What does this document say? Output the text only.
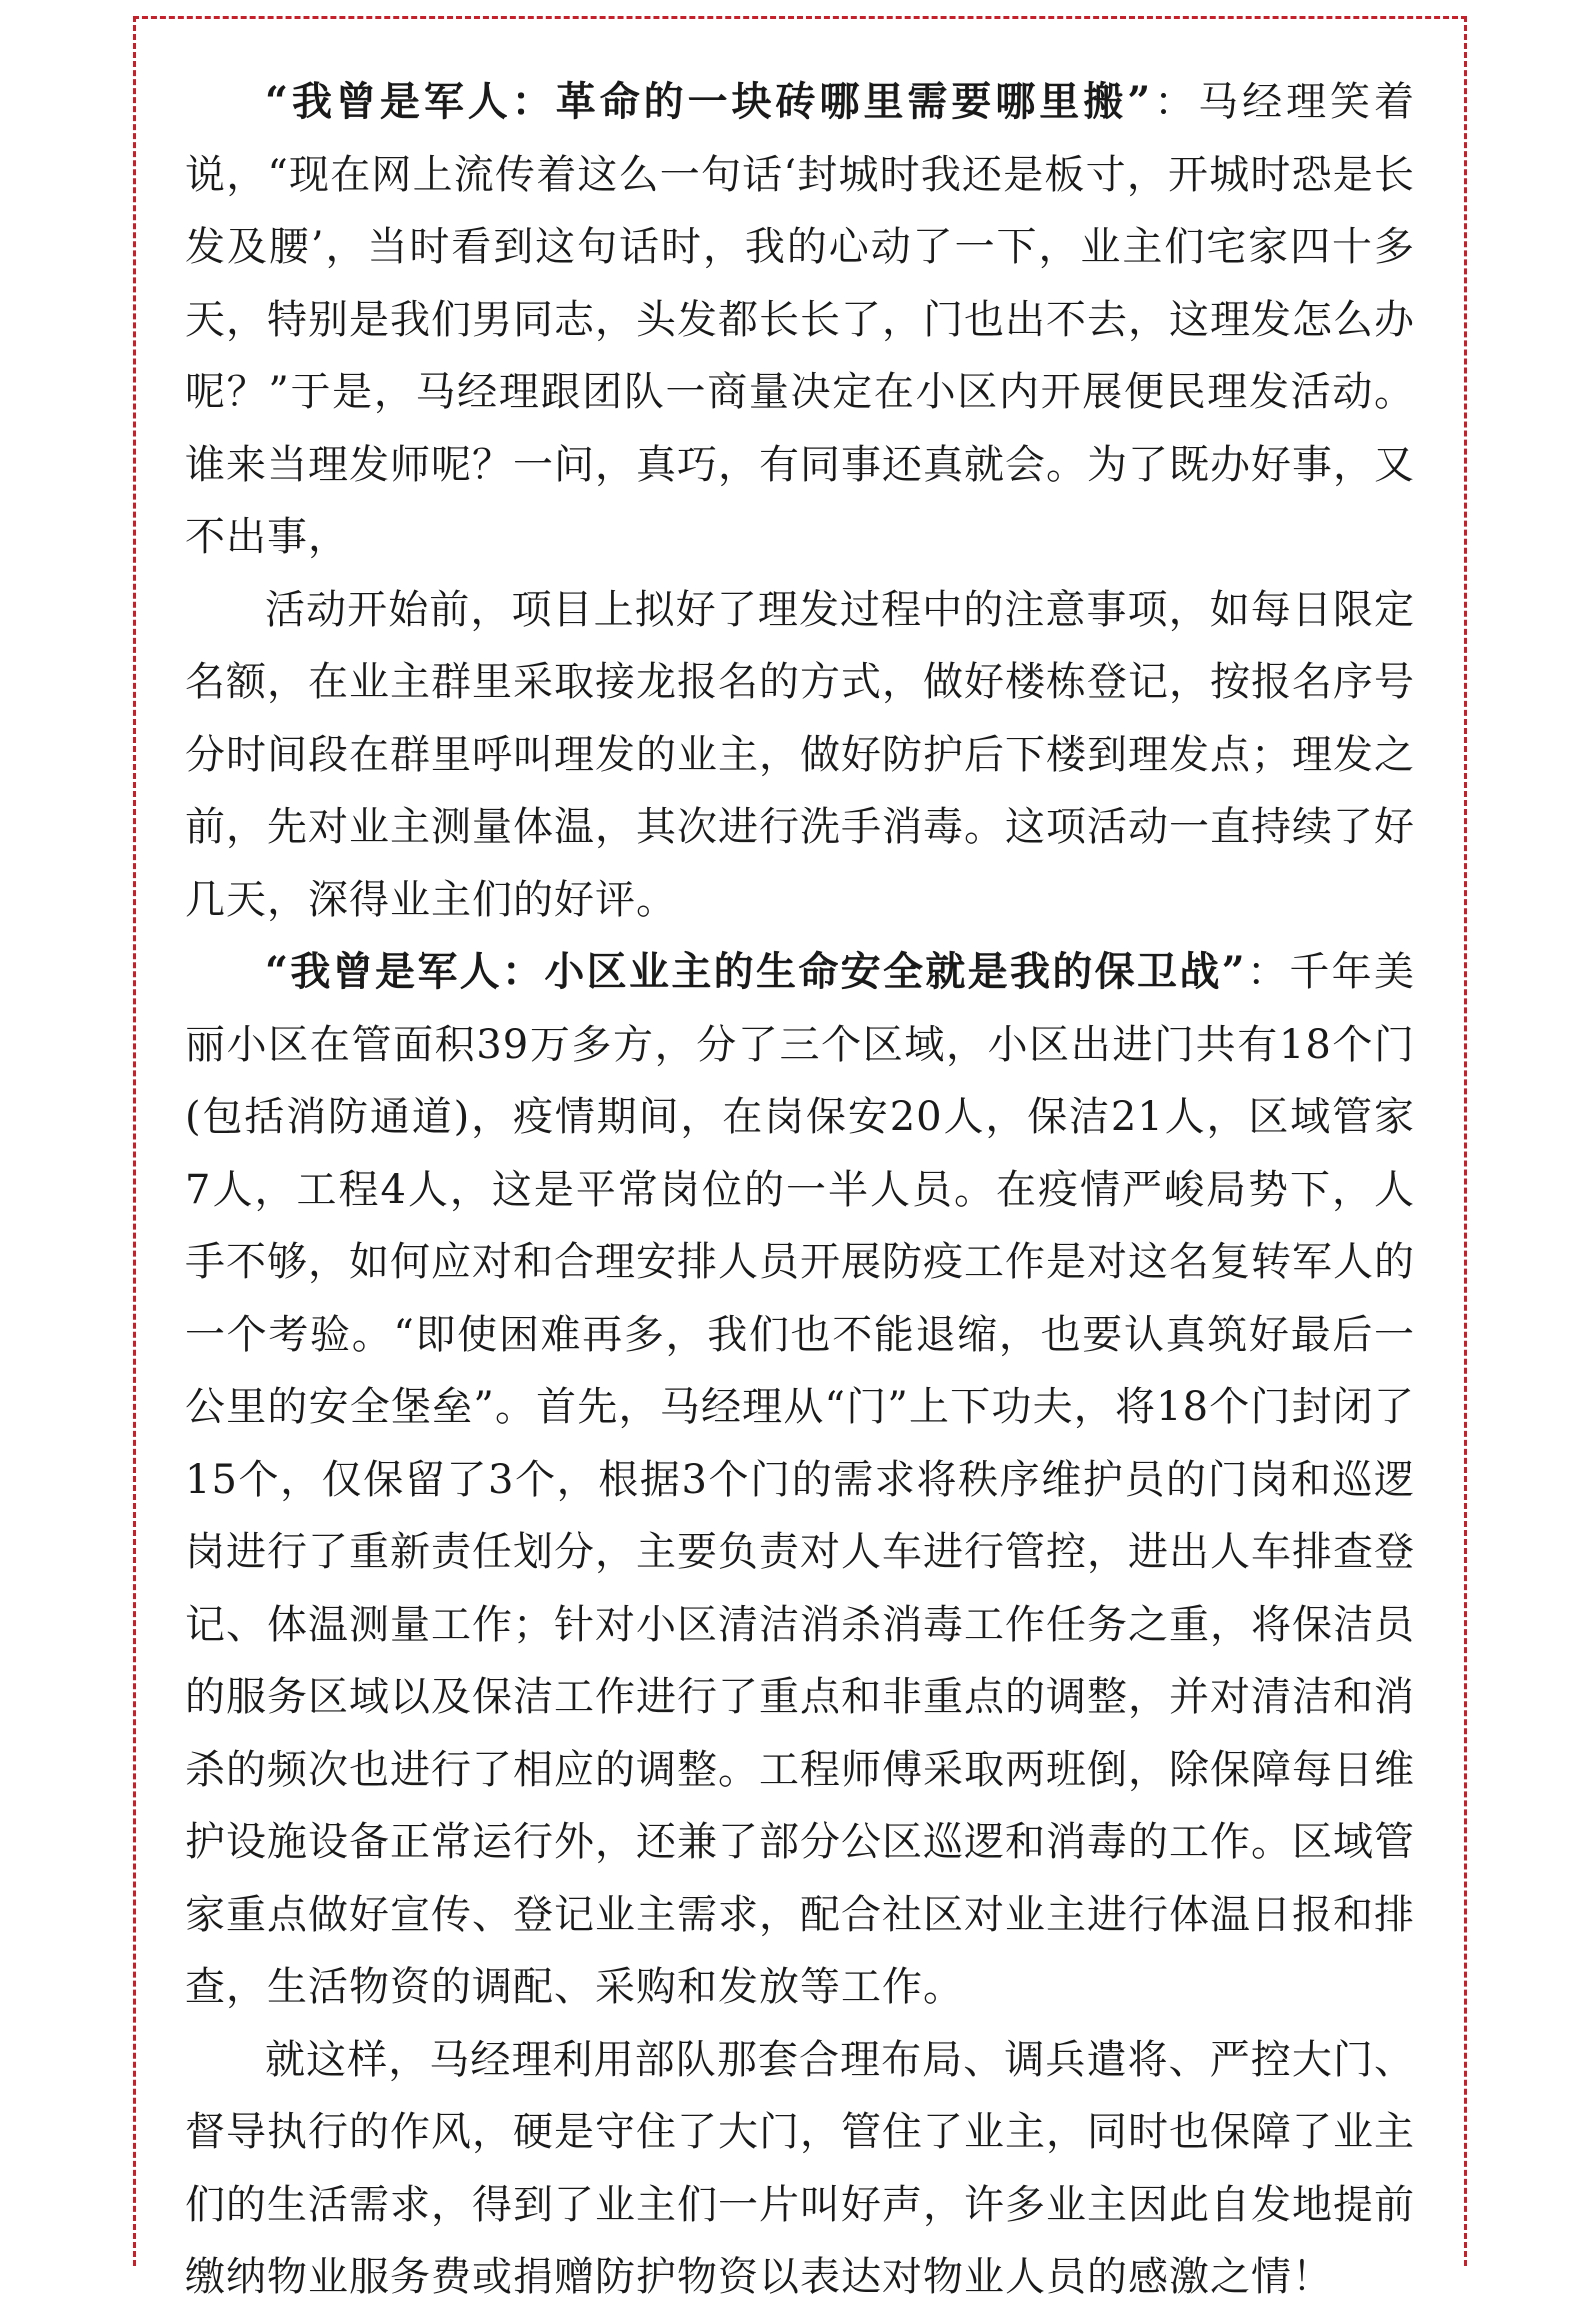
“我曾是军人：革命的一块砖哪里需要哪里搬”：马经理笑着说，“现在网上流传着这么一句话‘封城时我还是板寸，开城时恐是长发及腰’，当时看到这句话时，我的心动了一下，业主们宅家四十多天，特别是我们男同志，头发都长长了，门也出不去，这理发怎么办呢？”于是，马经理跟团队一商量决定在小区内开展便民理发活动。谁来当理发师呢？一问，真巧，有同事还真就会。为了既办好事，又不出事，

活动开始前，项目上拟好了理发过程中的注意事项，如每日限定名额，在业主群里采取接龙报名的方式，做好楼栋登记，按报名序号分时间段在群里呼叫理发的业主，做好防护后下楼到理发点；理发之前，先对业主测量体温，其次进行洗手消毒。这项活动一直持续了好几天，深得业主们的好评。

“我曾是军人：小区业主的生命安全就是我的保卫战”：千年美丽小区在管面积39万多方，分了三个区域，小区出进门共有18个门(包括消防通道)，疫情期间，在岗保安20人，保洁21人，区域管家7人，工程4人，这是平常岗位的一半人员。在疫情严峻局势下，人手不够，如何应对和合理安排人员开展防疫工作是对这名复转军人的一个考验。“即使困难再多，我们也不能退缩，也要认真筑好最后一公里的安全堡垒”。首先，马经理从“门”上下功夫，将18个门封闭了15个，仅保留了3个，根据3个门的需求将秩序维护员的门岗和巡逻岗进行了重新责任划分，主要负责对人车进行管控，进出人车排查登记、体温测量工作；针对小区清洁消杀消毒工作任务之重，将保洁员的服务区域以及保洁工作进行了重点和非重点的调整，并对清洁和消杀的频次也进行了相应的调整。工程师傅采取两班倒，除保障每日维护设施设备正常运行外，还兼了部分公区巡逻和消毒的工作。区域管家重点做好宣传、登记业主需求，配合社区对业主进行体温日报和排查，生活物资的调配、采购和发放等工作。

就这样，马经理利用部队那套合理布局、调兵遣将、严控大门、督导执行的作风，硬是守住了大门，管住了业主，同时也保障了业主们的生活需求，得到了业主们一片叫好声，许多业主因此自发地提前缴纳物业服务费或捐赠防护物资以表达对物业人员的感激之情！
